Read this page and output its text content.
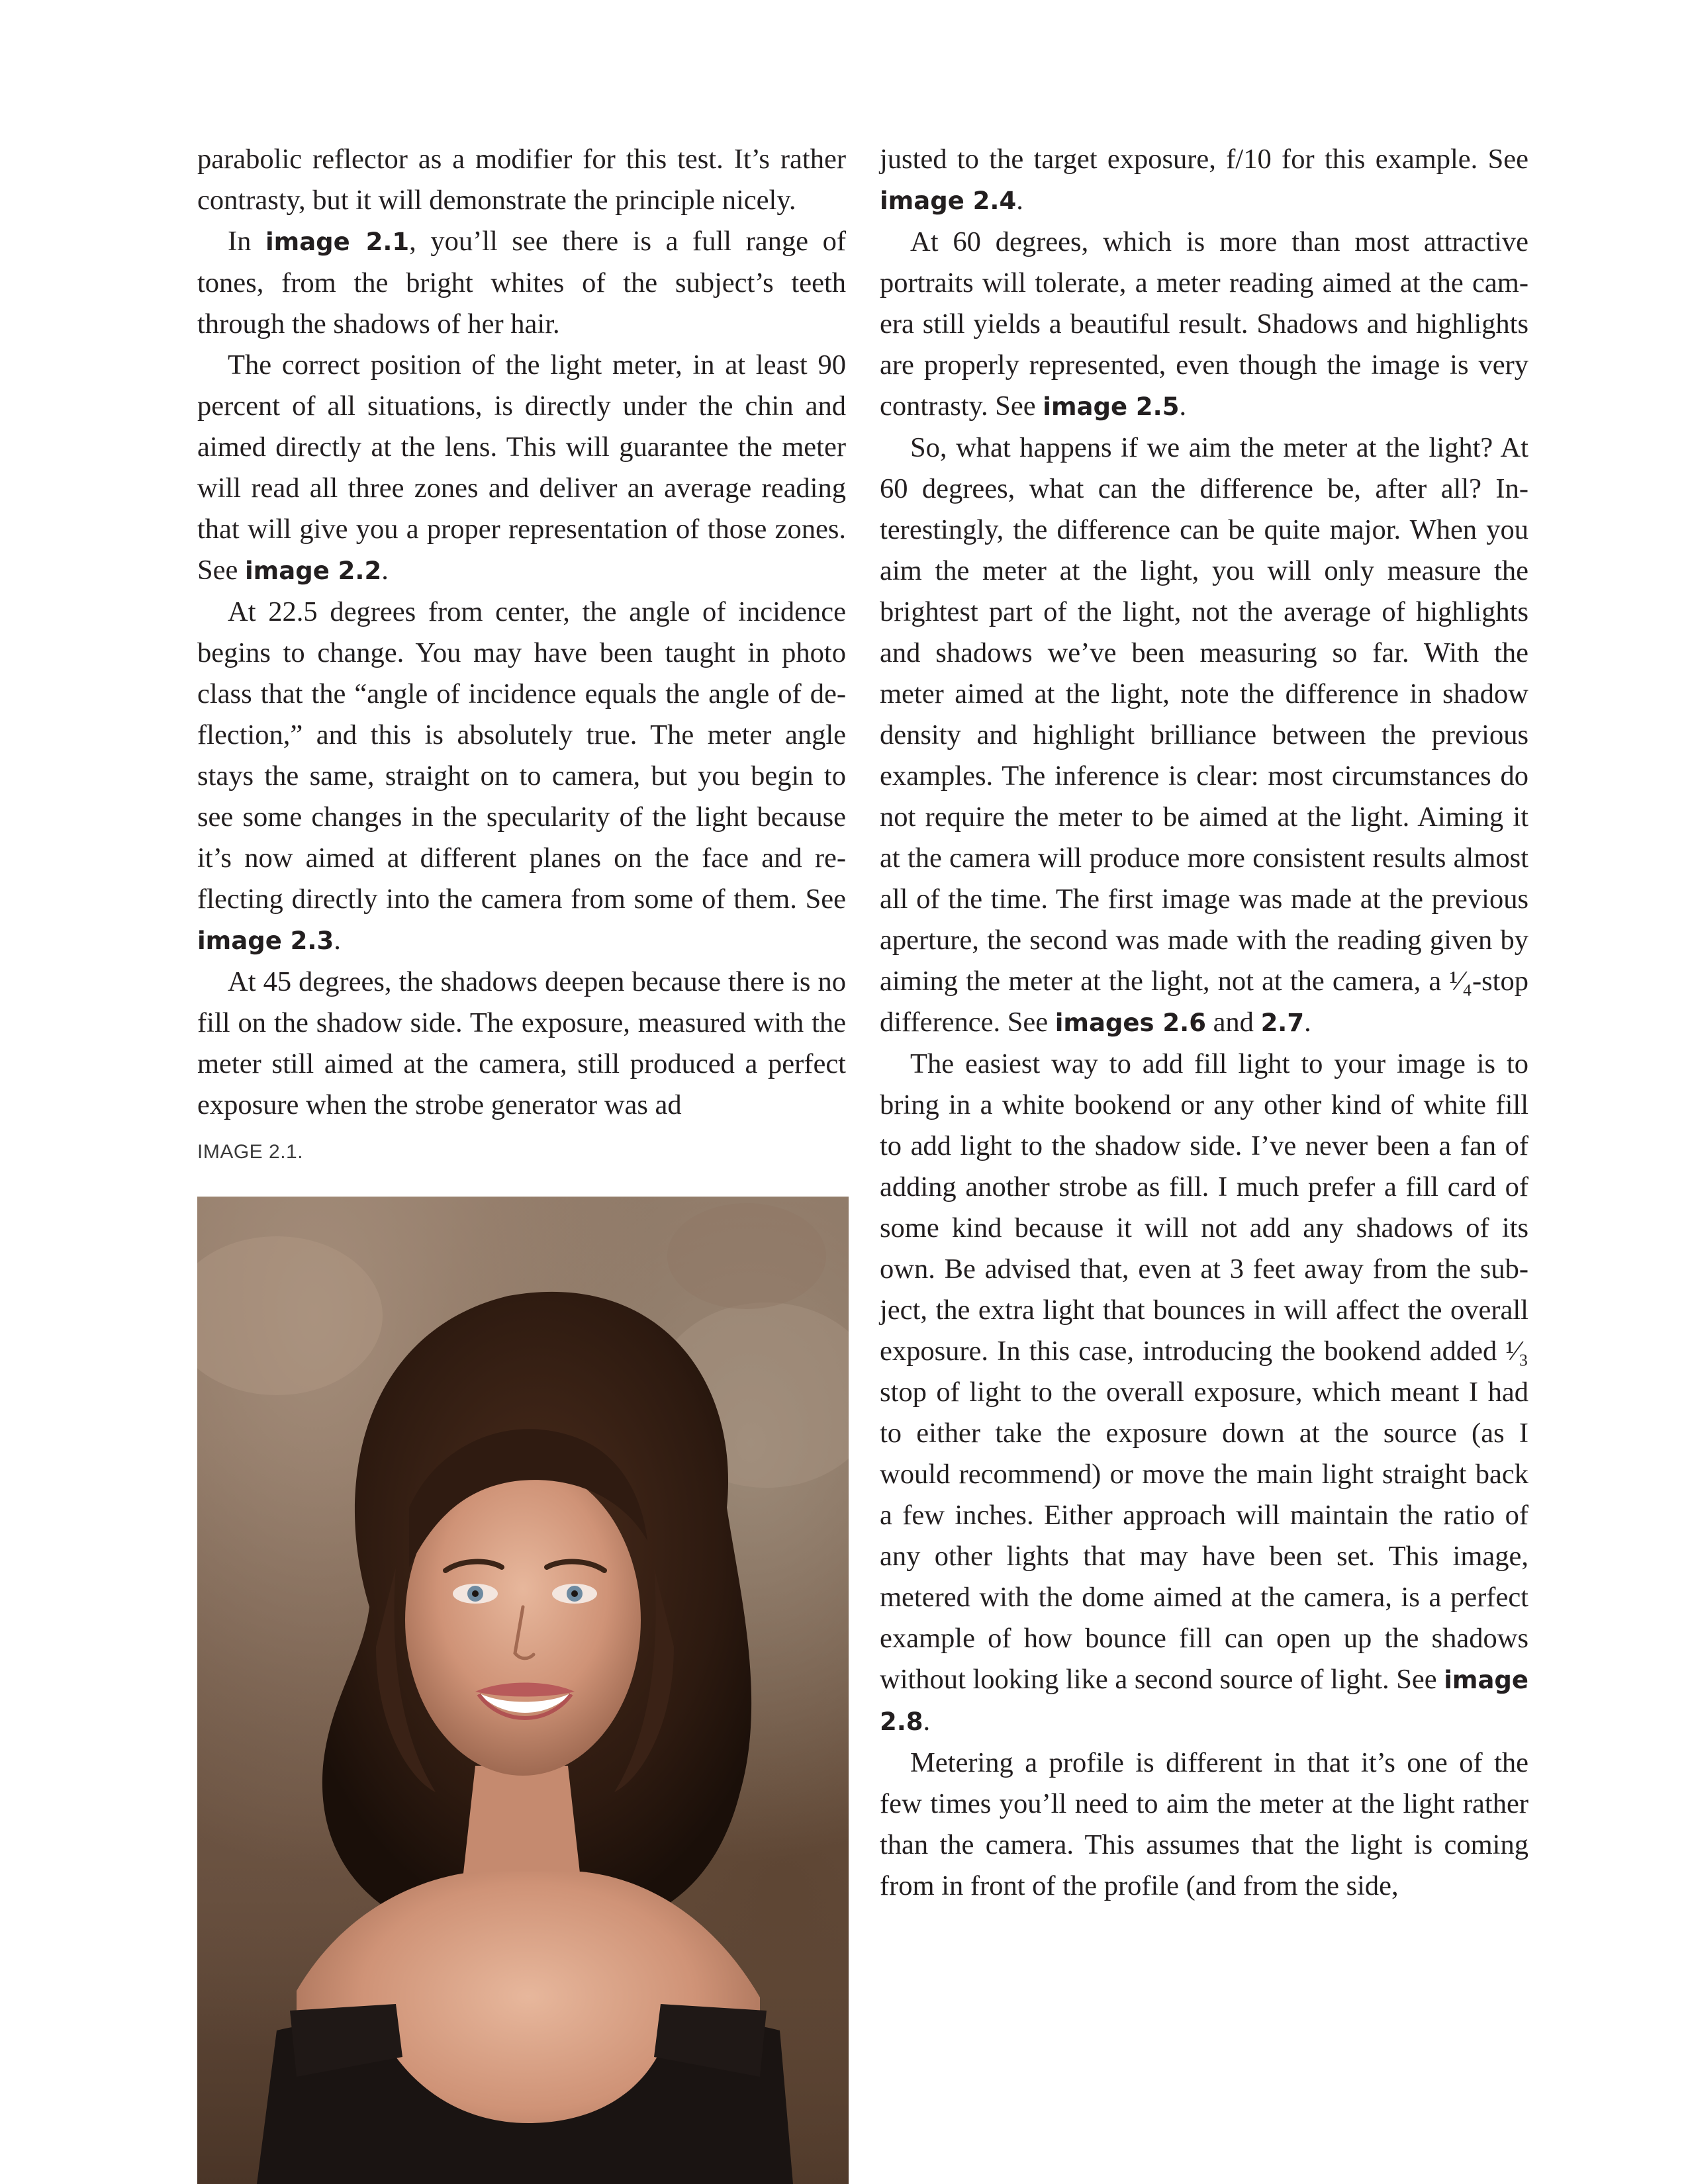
parabolic reflector as a modifier for this test. It’s rather contrasty, but it will demonstrate the principle nicely.

In image 2.1, you’ll see there is a full range of tones, from the bright whites of the subject’s teeth through the shadows of her hair.

The correct position of the light meter, in at least 90 percent of all situations, is directly under the chin and aimed directly at the lens. This will guarantee the meter will read all three zones and deliver an average reading that will give you a proper representation of those zones. See image 2.2.

At 22.5 degrees from center, the angle of incidence begins to change. You may have been taught in photo class that the “angle of incidence equals the angle of deflection,” and this is absolutely true. The meter angle stays the same, straight on to camera, but you begin to see some changes in the specularity of the light because it’s now aimed at different planes on the face and reflecting directly into the camera from some of them. See image 2.3.

At 45 degrees, the shadows deepen because there is no fill on the shadow side. The exposure, measured with the meter still aimed at the camera, still produced a perfect exposure when the strobe generator was ad

IMAGE 2.1.

justed to the target exposure, f/10 for this example. See image 2.4.

At 60 degrees, which is more than most attractive portraits will tolerate, a meter reading aimed at the camera still yields a beautiful result. Shadows and highlights are properly represented, even though the image is very contrasty. See image 2.5.

So, what happens if we aim the meter at the light? At 60 degrees, what can the difference be, after all? Interestingly, the difference can be quite major. When you aim the meter at the light, you will only measure the brightest part of the light, not the average of highlights and shadows we’ve been measuring so far. With the meter aimed at the light, note the difference in shadow density and highlight brilliance between the previous examples. The inference is clear: most circumstances do not require the meter to be aimed at the light. Aiming it at the camera will produce more consistent results almost all of the time. The first image was made at the previous aperture, the second was made with the reading given by aiming the meter at the light, not at the camera, a ¹⁄₄-stop difference. See images 2.6 and 2.7.

The easiest way to add fill light to your image is to bring in a white bookend or any other kind of white fill to add light to the shadow side. I’ve never been a fan of adding another strobe as fill. I much prefer a fill card of some kind because it will not add any shadows of its own. Be advised that, even at 3 feet away from the subject, the extra light that bounces in will affect the overall exposure. In this case, introducing the bookend added ¹⁄₃ stop of light to the overall exposure, which meant I had to either take the exposure down at the source (as I would recommend) or move the main light straight back a few inches. Either approach will maintain the ratio of any other lights that may have been set. This image, metered with the dome aimed at the camera, is a perfect example of how bounce fill can open up the shadows without looking like a second source of light. See image 2.8.

Metering a profile is different in that it’s one of the few times you’ll need to aim the meter at the light rather than the camera. This assumes that the light is coming from in front of the profile (and from the side,
